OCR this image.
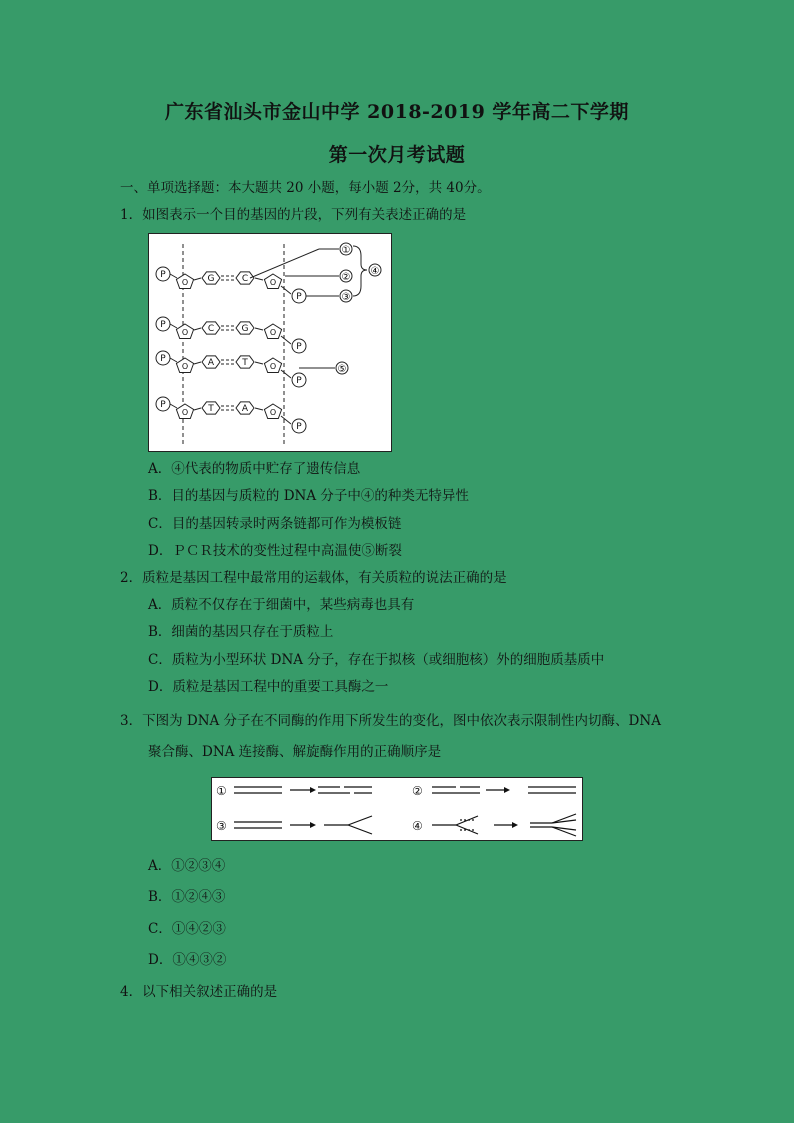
广东省汕头市金山中学 2018-2019 学年高二下学期
第一次月考试题
一、单项选择题：本大题共 20 小题，每小题 2分，共 40分。
1．如图表示一个目的基因的片段，下列有关表述正确的是
P
O G	C	O
P
P
O C	G	O
P
P
O A	T	O
P
P
O T	A	O
P
①
②
③
④
⑤
A．④代表的物质中贮存了遗传信息
B．目的基因与质粒的 DNA 分子中④的种类无特异性
C．目的基因转录时两条链都可作为模板链
D．ＰＣＲ技术的变性过程中高温使⑤断裂
2．质粒是基因工程中最常用的运载体，有关质粒的说法正确的是
A．质粒不仅存在于细菌中，某些病毒也具有
B．细菌的基因只存在于质粒上
C．质粒为小型环状 DNA 分子，存在于拟核（或细胞核）外的细胞质基质中
D．质粒是基因工程中的重要工具酶之一
3．下图为 DNA 分子在不同酶的作用下所发生的变化，图中依次表示限制性内切酶、DNA
聚合酶、DNA 连接酶、解旋酶作用的正确顺序是
①	②
③	④
A．①②③④
B．①②④③
C．①④②③
D．①④③②
4．以下相关叙述正确的是
